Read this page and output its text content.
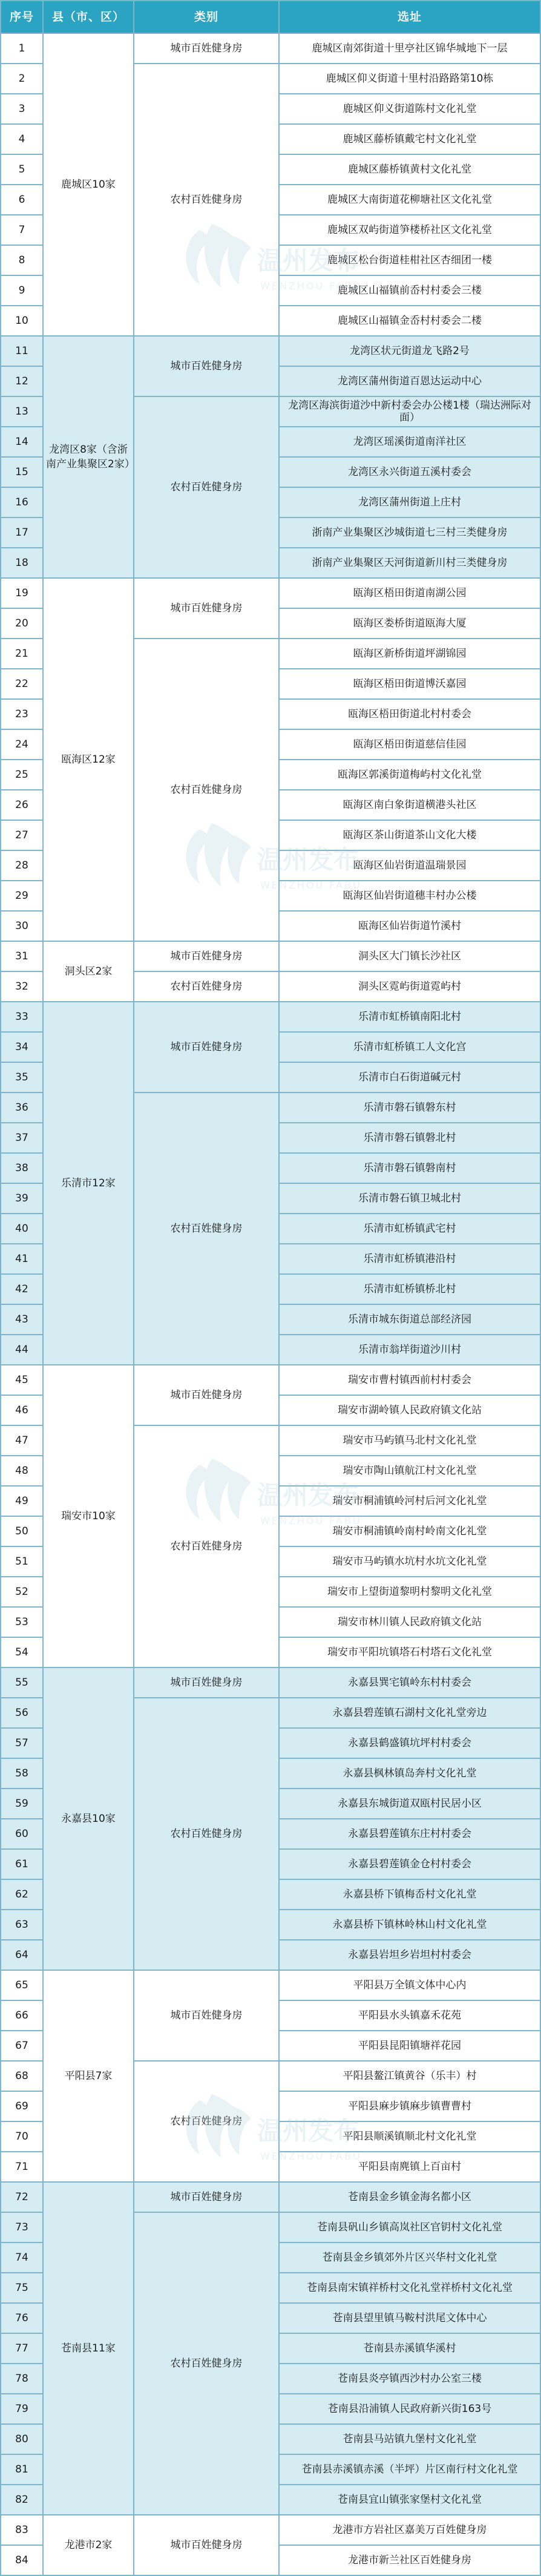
序号	县（市、区）	类别	选址
1	鹿城区10家	城市百姓健身房	鹿城区南郊街道十里亭社区锦华城地下一层
2		农村百姓健身房	鹿城区仰义街道十里村沿路路第10栋
3			鹿城区仰义街道陈村文化礼堂
4			鹿城区藤桥镇戴宅村文化礼堂
5			鹿城区藤桥镇黄村文化礼堂
6			鹿城区大南街道花柳塘社区文化礼堂
7			鹿城区双屿街道笋楼桥社区文化礼堂
8			鹿城区松台街道桂柑社区杏细团一楼
9			鹿城区山福镇前岙村村委会三楼
10			鹿城区山福镇金岙村村委会二楼
11	龙湾区8家（含浙南产业集聚区2家）	城市百姓健身房	龙湾区状元街道龙飞路2号
12			龙湾区蒲州街道百恩达运动中心
13		农村百姓健身房	龙湾区海滨街道沙中新村委会办公楼1楼（瑞达洲际对面）
14			龙湾区瑶溪街道南洋社区
15			龙湾区永兴街道五溪村委会
16			龙湾区蒲州街道上庄村
17			浙南产业集聚区沙城街道七三村三类健身房
18			浙南产业集聚区天河街道新川村三类健身房
19	瓯海区12家	城市百姓健身房	瓯海区梧田街道南湖公园
20			瓯海区娄桥街道瓯海大厦
21		农村百姓健身房	瓯海区新桥街道坪湖锦园
22			瓯海区梧田街道博沃嘉园
23			瓯海区梧田街道北村村委会
24			瓯海区梧田街道慈信佳园
25			瓯海区郭溪街道梅屿村文化礼堂
26			瓯海区南白象街道横港头社区
27			瓯海区茶山街道茶山文化大楼
28			瓯海区仙岩街道温瑞景园
29			瓯海区仙岩街道穗丰村办公楼
30			瓯海区仙岩街道竹溪村
31	洞头区2家	城市百姓健身房	洞头区大门镇长沙社区
32		农村百姓健身房	洞头区霓屿街道霓屿村
33	乐清市12家	城市百姓健身房	乐清市虹桥镇南阳北村
34			乐清市虹桥镇工人文化宫
35			乐清市白石街道碱元村
36		农村百姓健身房	乐清市磐石镇磐东村
37			乐清市磐石镇磐北村
38			乐清市磐石镇磐南村
39			乐清市磐石镇卫城北村
40			乐清市虹桥镇武宅村
41			乐清市虹桥镇港沿村
42			乐清市虹桥镇桥北村
43			乐清市城东街道总部经济园
44			乐清市翁垟街道沙川村
45	瑞安市10家	城市百姓健身房	瑞安市曹村镇西前村村委会
46			瑞安市湖岭镇人民政府镇文化站
47		农村百姓健身房	瑞安市马屿镇马北村文化礼堂
48			瑞安市陶山镇航江村文化礼堂
49			瑞安市桐浦镇岭河村后河文化礼堂
50			瑞安市桐浦镇岭南村岭南文化礼堂
51			瑞安市马屿镇水坑村水坑文化礼堂
52			瑞安市上望街道黎明村黎明文化礼堂
53			瑞安市林川镇人民政府镇文化站
54			瑞安市平阳坑镇塔石村塔石文化礼堂
55	永嘉县10家	城市百姓健身房	永嘉县巽宅镇岭东村村委会
56		农村百姓健身房	永嘉县碧莲镇石湖村文化礼堂旁边
57			永嘉县鹤盛镇坑坪村村委会
58			永嘉县枫林镇岛奔村文化礼堂
59			永嘉县东城街道双瓯村民居小区
60			永嘉县碧莲镇东庄村村委会
61			永嘉县碧莲镇金仓村村委会
62			永嘉县桥下镇梅岙村文化礼堂
63			永嘉县桥下镇林岭林山村文化礼堂
64			永嘉县岩坦乡岩坦村村委会
65	平阳县7家	城市百姓健身房	平阳县万全镇文体中心内
66			平阳县水头镇嘉禾花苑
67			平阳县昆阳镇塘祥花园
68		农村百姓健身房	平阳县鳌江镇黄谷（乐丰）村
69			平阳县麻步镇麻步镇曹曹村
70			平阳县顺溪镇顺北村文化礼堂
71			平阳县南麂镇上百亩村
72	苍南县11家	城市百姓健身房	苍南县金乡镇金海名都小区
73		农村百姓健身房	苍南县矾山乡镇高岚社区官钥村文化礼堂
74			苍南县金乡镇郊外片区兴华村文化礼堂
75			苍南县南宋镇祥桥村文化礼堂祥桥村文化礼堂
76			苍南县望里镇马鞍村洪尾文体中心
77			苍南县赤溪镇华溪村
78			苍南县炎亭镇西沙村办公室三楼
79			苍南县沿浦镇人民政府新兴街163号
80			苍南县马站镇九堡村文化礼堂
81			苍南县赤溪镇赤溪（半坪）片区南行村文化礼堂
82			苍南县宜山镇张家堡村文化礼堂
83	龙港市2家	城市百姓健身房	龙港市方岩社区嘉美万百姓健身房
84			龙港市新兰社区百姓健身房
温州发布
WENZHOU FABU
温州发布
WENZHOU FABU
温州发布
WENZHOU FABU
温州发布
WENZHOU FABU
